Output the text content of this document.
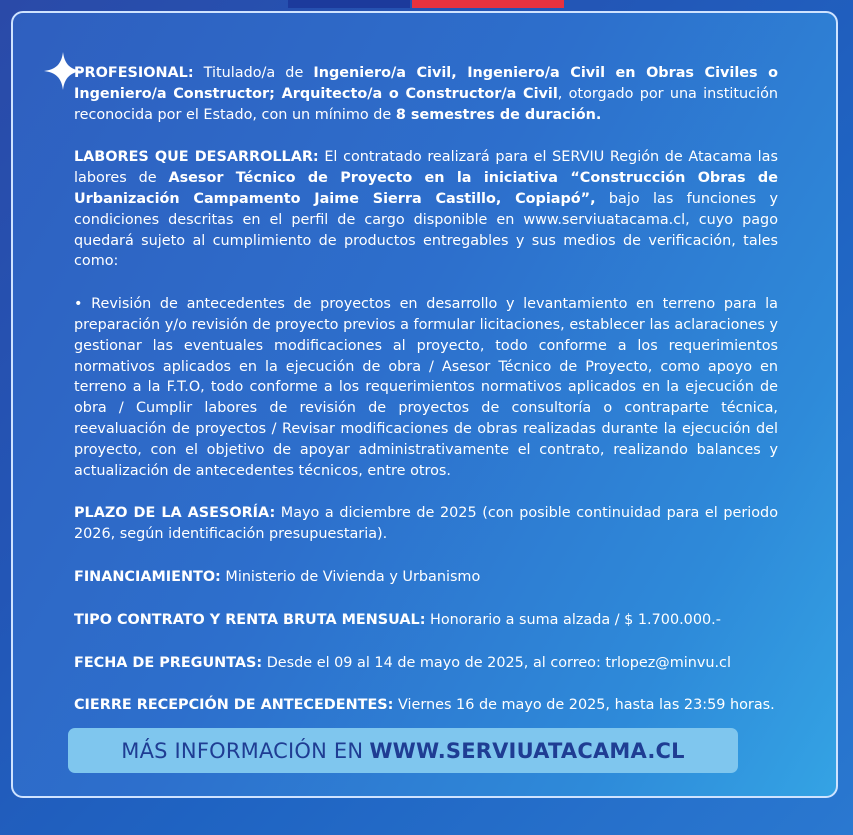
PROFESIONAL: Titulado/a de Ingeniero/a Civil, Ingeniero/a Civil en Obras Civiles o Ingeniero/a Constructor; Arquitecto/a o Constructor/a Civil, otorgado por una institución reconocida por el Estado, con un mínimo de 8 semestres de duración.

LABORES QUE DESARROLLAR: El contratado realizará para el SERVIU Región de Atacama las labores de Asesor Técnico de Proyecto en la iniciativa “Construcción Obras de Urbanización Campamento Jaime Sierra Castillo, Copiapó”, bajo las funciones y condiciones descritas en el perfil de cargo disponible en www.serviuatacama.cl, cuyo pago quedará sujeto al cumplimiento de productos entregables y sus medios de verificación, tales como:

• Revisión de antecedentes de proyectos en desarrollo y levantamiento en terreno para la preparación y/o revisión de proyecto previos a formular licitaciones, establecer las aclaraciones y gestionar las eventuales modificaciones al proyecto, todo conforme a los requerimientos normativos aplicados en la ejecución de obra / Asesor Técnico de Proyecto, como apoyo en terreno a la F.T.O, todo conforme a los requerimientos normativos aplicados en la ejecución de obra / Cumplir labores de revisión de proyectos de consultoría o contraparte técnica, reevaluación de proyectos / Revisar modificaciones de obras realizadas durante la ejecución del proyecto, con el objetivo de apoyar administrativamente el contrato, realizando balances y actualización de antecedentes técnicos, entre otros.

PLAZO DE LA ASESORÍA: Mayo a diciembre de 2025 (con posible continuidad para el periodo 2026, según identificación presupuestaria).

FINANCIAMIENTO: Ministerio de Vivienda y Urbanismo

TIPO CONTRATO Y RENTA BRUTA MENSUAL: Honorario a suma alzada / $ 1.700.000.-

FECHA DE PREGUNTAS: Desde el 09 al 14 de mayo de 2025, al correo: trlopez@minvu.cl

CIERRE RECEPCIÓN DE ANTECEDENTES: Viernes 16 de mayo de 2025, hasta las 23:59 horas.

MÁS INFORMACIÓN EN WWW.SERVIUATACAMA.CL
